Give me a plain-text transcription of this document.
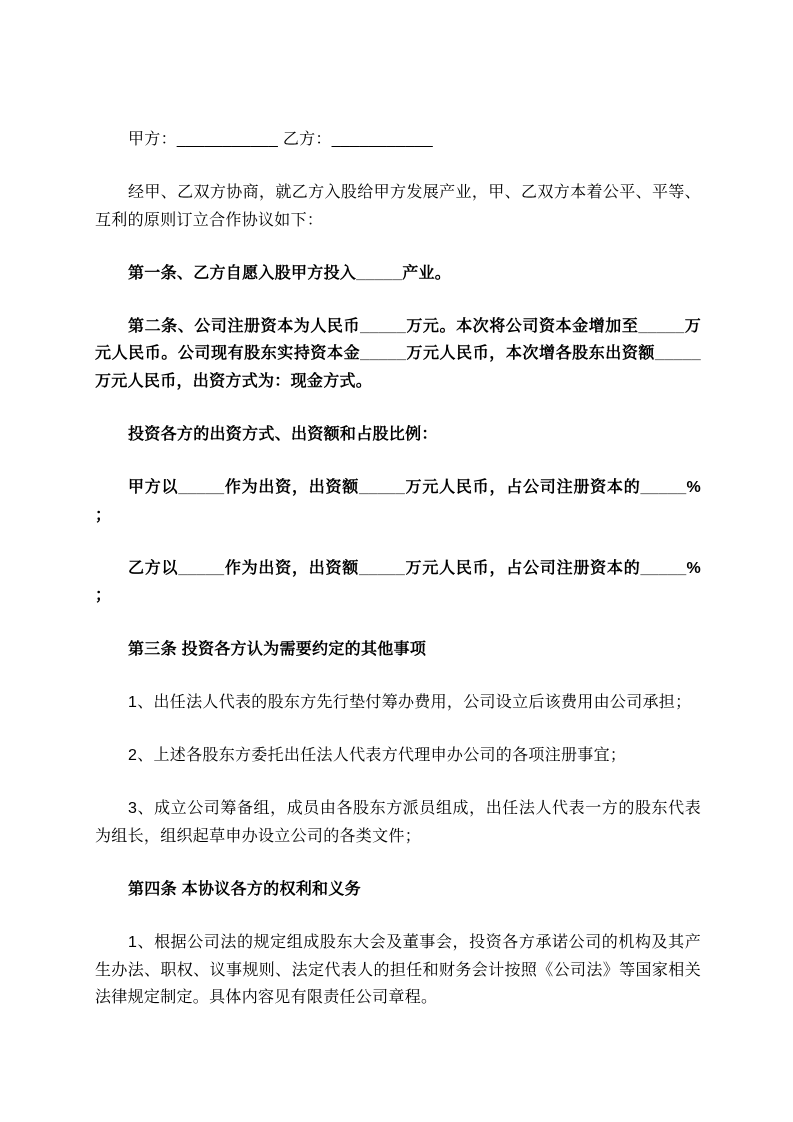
甲方：___________ 乙方：___________

经甲、乙双方协商，就乙方入股给甲方发展产业，甲、乙双方本着公平、平等、互利的原则订立合作协议如下：

第一条、乙方自愿入股甲方投入_____产业。

第二条、公司注册资本为人民币_____万元。本次将公司资本金增加至_____万元人民币。公司现有股东实持资本金_____万元人民币，本次增各股东出资额_____万元人民币，出资方式为：现金方式。

投资各方的出资方式、出资额和占股比例：

甲方以_____作为出资，出资额_____万元人民币，占公司注册资本的_____% ；

乙方以_____作为出资，出资额_____万元人民币，占公司注册资本的_____% ；

第三条 投资各方认为需要约定的其他事项

1、出任法人代表的股东方先行垫付筹办费用，公司设立后该费用由公司承担；

2、上述各股东方委托出任法人代表方代理申办公司的各项注册事宜；

3、成立公司筹备组，成员由各股东方派员组成，出任法人代表一方的股东代表为组长，组织起草申办设立公司的各类文件；

第四条 本协议各方的权利和义务

1、根据公司法的规定组成股东大会及董事会，投资各方承诺公司的机构及其产生办法、职权、议事规则、法定代表人的担任和财务会计按照《公司法》等国家相关法律规定制定。具体内容见有限责任公司章程。
